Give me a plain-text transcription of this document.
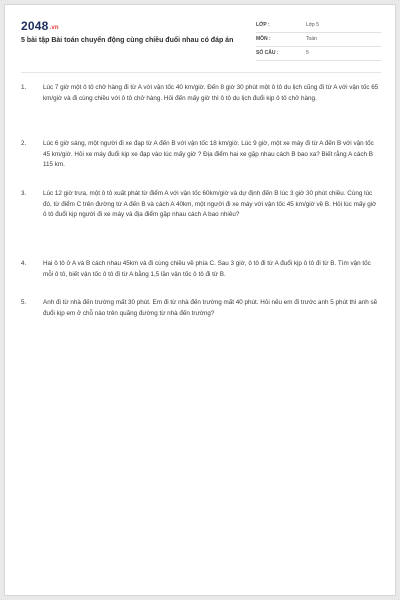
2048.vn
5 bài tập Bài toán chuyển động cùng chiều đuổi nhau có đáp án
LỚP :	Lớp 5
MÔN :	Toán
SỐ CÂU :	5
1.	Lúc 7 giờ một ô tô chở hàng đi từ A với vận tốc 40 km/giờ. Đến 8 giờ 30 phút một ô tô du lịch cũng đi từ A với vận tốc 65 km/giờ và đi cùng chiều với ô tô chở hàng. Hỏi đến mấy giờ thì ô tô du lịch đuổi kịp ô tô chở hàng.
2.	Lúc 6 giờ sáng, một người đi xe đạp từ A đến B với vận tốc 18 km/giờ. Lúc 9 giờ, một xe máy đi từ A đến B với vận tốc 45 km/giờ. Hỏi xe máy đuổi kịp xe đạp vào lúc mấy giờ ? Địa điểm hai xe gặp nhau cách B bao xa? Biết rằng A cách B 115 km.
3.	Lúc 12 giờ trưa, một ô tô xuất phát từ điểm A với vận tốc 60km/giờ và dự định đến B lúc 3 giờ 30 phút chiều. Cùng lúc đó, từ điểm C trên đường từ A đến B và cách A 40km, một người đi xe máy với vận tốc 45 km/giờ về B. Hỏi lúc mấy giờ ô tô đuổi kịp người đi xe máy và địa điểm gặp nhau cách A bao nhiêu?
4.	Hai ô tô ở A và B cách nhau 45km và đi cùng chiều về phía C. Sau 3 giờ, ô tô đi từ A đuổi kịp ô tô đi từ B. Tìm vận tốc mỗi ô tô, biết vận tốc ô tô đi từ A bằng 1,5 lần vận tốc ô tô đi từ B.
5.	Anh đi từ nhà đến trường mất 30 phút. Em đi từ nhà đến trường mất 40 phút. Hỏi nếu em đi trước anh 5 phút thì anh sẽ đuổi kịp em ở chỗ nào trên quãng đường từ nhà đến trường?
